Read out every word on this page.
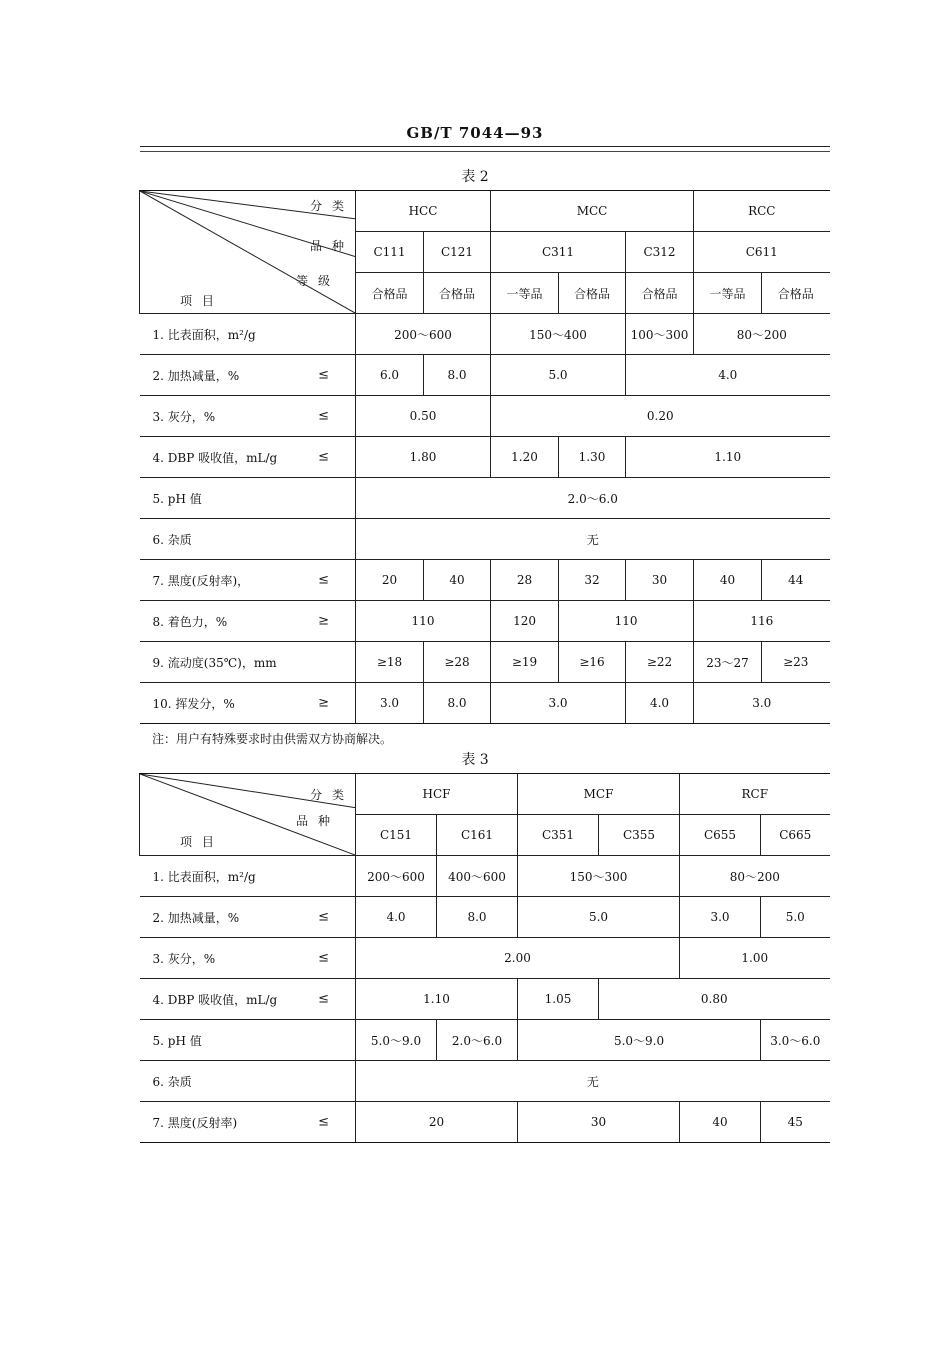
GB/T 7044—93
表 2
分 类
品 种
等 级
项 目	HCC		MCC			RCC	
	C111	C121	C311		C312	C611	
	合格品	合格品	一等品	合格品	合格品	一等品	合格品
1. 比表面积，m²/g	200～600		150～400		100～300	80～200	
2. 加热减量，% ≤	6.0	8.0	5.0		4.0		
3. 灰分，% ≤	0.50		0.20				
4. DBP 吸收值，mL/g ≤	1.80		1.20	1.30	1.10		
5. pH 值	2.0～6.0						
6. 杂质	无						
7. 黑度(反射率)， ≤	20	40	28	32	30	40	44
8. 着色力，% ≥	110		120	110		116	
9. 流动度(35℃)，mm	≥18	≥28	≥19	≥16	≥22	23～27	≥23
10. 挥发分，% ≥	3.0	8.0	3.0		4.0	3.0	
注：用户有特殊要求时由供需双方协商解决。
表 3
分 类
品 种
项 目	HCF		MCF		RCF	
	C151	C161	C351	C355	C655	C665
1. 比表面积，m²/g	200～600	400～600	150～300		80～200	
2. 加热减量，% ≤	4.0	8.0	5.0		3.0	5.0
3. 灰分，% ≤	2.00				1.00	
4. DBP 吸收值，mL/g ≤	1.10		1.05	0.80		
5. pH 值	5.0～9.0	2.0～6.0	5.0～9.0			3.0～6.0
6. 杂质	无					
7. 黑度(反射率) ≤	20		30		40	45
